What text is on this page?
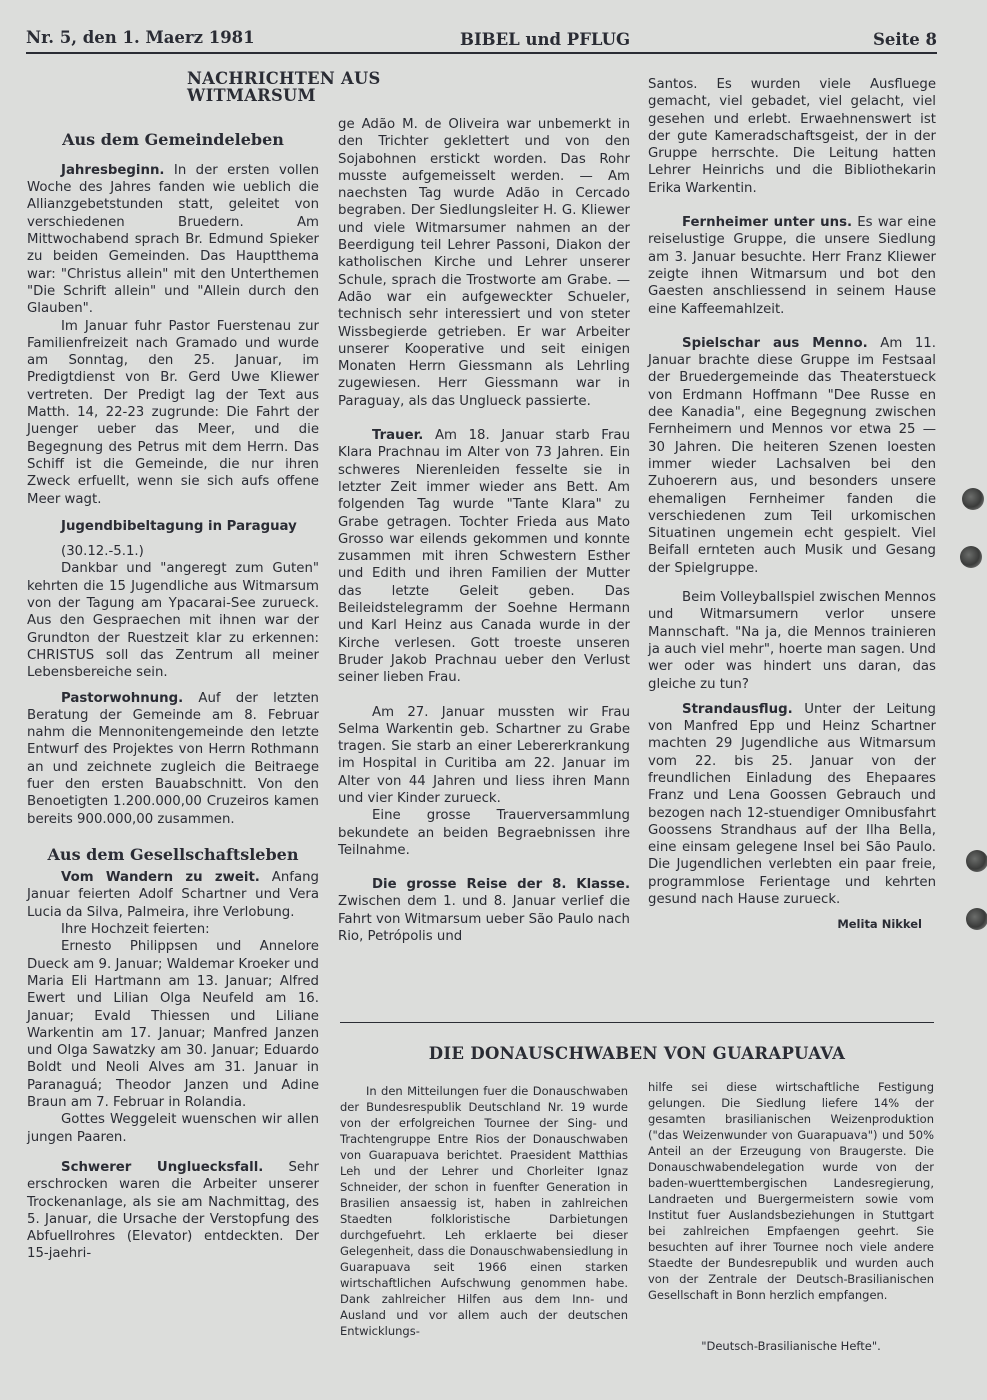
Nr. 5, den 1. Maerz 1981	BIBEL und PFLUG	Seite 8
NACHRICHTEN AUS WITMARSUM
Aus dem Gemeindeleben

Jahresbeginn. In der ersten vollen Woche des Jahres fanden wie ueblich die Allianzgebetstunden statt, geleitet von verschiedenen Bruedern. Am Mittwochabend sprach Br. Edmund Spieker zu beiden Gemeinden. Das Hauptthema war: "Christus allein" mit den Unterthemen "Die Schrift allein" und "Allein durch den Glauben".

Im Januar fuhr Pastor Fuerstenau zur Familienfreizeit nach Gramado und wurde am Sonntag, den 25. Januar, im Predigtdienst von Br. Gerd Uwe Kliewer vertreten. Der Predigt lag der Text aus Matth. 14, 22-23 zugrunde: Die Fahrt der Juenger ueber das Meer, und die Begegnung des Petrus mit dem Herrn. Das Schiff ist die Gemeinde, die nur ihren Zweck erfuellt, wenn sie sich aufs offene Meer wagt.

Jugendbibeltagung in Paraguay

(30.12.-5.1.)

Dankbar und "angeregt zum Guten" kehrten die 15 Jugendliche aus Witmarsum von der Tagung am Ypacarai-See zurueck. Aus den Gespraechen mit ihnen war der Grundton der Ruestzeit klar zu erkennen: CHRISTUS soll das Zentrum all meiner Lebensbereiche sein.

Pastorwohnung. Auf der letzten Beratung der Gemeinde am 8. Februar nahm die Mennonitengemeinde den letzte Entwurf des Projektes von Herrn Rothmann an und zeichnete zugleich die Beitraege fuer den ersten Bauabschnitt. Von den Benoetigten 1.200.000,00 Cruzeiros kamen bereits 900.000,00 zusammen.

Aus dem Gesellschaftsleben

Vom Wandern zu zweit. Anfang Januar feierten Adolf Schartner und Vera Lucia da Silva, Palmeira, ihre Verlobung.

Ihre Hochzeit feierten:

Ernesto Philippsen und Annelore Dueck am 9. Januar; Waldemar Kroeker und Maria Eli Hartmann am 13. Januar; Alfred Ewert und Lilian Olga Neufeld am 16. Januar; Evald Thiessen und Liliane Warkentin am 17. Januar; Manfred Janzen und Olga Sawatzky am 30. Januar; Eduardo Boldt und Neoli Alves am 31. Januar in Paranaguá; Theodor Janzen und Adine Braun am 7. Februar in Rolandia.

Gottes Weggeleit wuenschen wir allen jungen Paaren.

Schwerer Ungluecksfall. Sehr erschrocken waren die Arbeiter unserer Trockenanlage, als sie am Nachmittag, des 5. Januar, die Ursache der Verstopfung des Abfuellrohres (Elevator) entdeckten. Der 15-jaehri-

ge Adão M. de Oliveira war unbemerkt in den Trichter geklettert und von den Sojabohnen erstickt worden. Das Rohr musste aufgemeisselt werden. — Am naechsten Tag wurde Adão in Cercado begraben. Der Siedlungsleiter H. G. Kliewer und viele Witmarsumer nahmen an der Beerdigung teil Lehrer Passoni, Diakon der katholischen Kirche und Lehrer unserer Schule, sprach die Trostworte am Grabe. — Adão war ein aufgeweckter Schueler, technisch sehr interessiert und von steter Wissbegierde getrieben. Er war Arbeiter unserer Kooperative und seit einigen Monaten Herrn Giessmann als Lehrling zugewiesen. Herr Giessmann war in Paraguay, als das Unglueck passierte.

Trauer. Am 18. Januar starb Frau Klara Prachnau im Alter von 73 Jahren. Ein schweres Nierenleiden fesselte sie in letzter Zeit immer wieder ans Bett. Am folgenden Tag wurde "Tante Klara" zu Grabe getragen. Tochter Frieda aus Mato Grosso war eilends gekommen und konnte zusammen mit ihren Schwestern Esther und Edith und ihren Familien der Mutter das letzte Geleit geben. Das Beileidstelegramm der Soehne Hermann und Karl Heinz aus Canada wurde in der Kirche verlesen. Gott troeste unseren Bruder Jakob Prachnau ueber den Verlust seiner lieben Frau.

Am 27. Januar mussten wir Frau Selma Warkentin geb. Schartner zu Grabe tragen. Sie starb an einer Lebererkrankung im Hospital in Curitiba am 22. Januar im Alter von 44 Jahren und liess ihren Mann und vier Kinder zurueck.

Eine grosse Trauerversammlung bekundete an beiden Begraebnissen ihre Teilnahme.

Die grosse Reise der 8. Klasse. Zwischen dem 1. und 8. Januar verlief die Fahrt von Witmarsum ueber São Paulo nach Rio, Petrópolis und

Santos. Es wurden viele Ausfluege gemacht, viel gebadet, viel gelacht, viel gesehen und erlebt. Erwaehnenswert ist der gute Kameradschaftsgeist, der in der Gruppe herrschte. Die Leitung hatten Lehrer Heinrichs und die Bibliothekarin Erika Warkentin.

Fernheimer unter uns. Es war eine reiselustige Gruppe, die unsere Siedlung am 3. Januar besuchte. Herr Franz Kliewer zeigte ihnen Witmarsum und bot den Gaesten anschliessend in seinem Hause eine Kaffeemahlzeit.

Spielschar aus Menno. Am 11. Januar brachte diese Gruppe im Festsaal der Bruedergemeinde das Theaterstueck von Erdmann Hoffmann "Dee Russe en dee Kanadia", eine Begegnung zwischen Fernheimern und Mennos vor etwa 25 — 30 Jahren. Die heiteren Szenen loesten immer wieder Lachsalven bei den Zuhoerern aus, und besonders unsere ehemaligen Fernheimer fanden die verschiedenen zum Teil urkomischen Situatinen ungemein echt gespielt. Viel Beifall ernteten auch Musik und Gesang der Spielgruppe.

Beim Volleyballspiel zwischen Mennos und Witmarsumern verlor unsere Mannschaft. "Na ja, die Mennos trainieren ja auch viel mehr", hoerte man sagen. Und wer oder was hindert uns daran, das gleiche zu tun?

Strandausflug. Unter der Leitung von Manfred Epp und Heinz Schartner machten 29 Jugendliche aus Witmarsum vom 22. bis 25. Januar von der freundlichen Einladung des Ehepaares Franz und Lena Goossen Gebrauch und bezogen nach 12-stuendiger Omnibusfahrt Goossens Strandhaus auf der Ilha Bella, eine einsam gelegene Insel bei São Paulo. Die Jugendlichen verlebten ein paar freie, programmlose Ferientage und kehrten gesund nach Hause zurueck.

Melita Nikkel

DIE DONAUSCHWABEN VON GUARAPUAVA

In den Mitteilungen fuer die Donauschwaben der Bundesrespublik Deutschland Nr. 19 wurde von der erfolgreichen Tournee der Sing- und Trachtengruppe Entre Rios der Donauschwaben von Guarapuava berichtet. Praesident Matthias Leh und der Lehrer und Chorleiter Ignaz Schneider, der schon in fuenfter Generation in Brasilien ansaessig ist, haben in zahlreichen Staedten folkloristische Darbietungen durchgefuehrt. Leh erklaerte bei dieser Gelegenheit, dass die Donauschwabensiedlung in Guarapuava seit 1966 einen starken wirtschaftlichen Aufschwung genommen habe. Dank zahlreicher Hilfen aus dem Inn- und Ausland und vor allem auch der deutschen Entwicklungs-

hilfe sei diese wirtschaftliche Festigung gelungen. Die Siedlung liefere 14% der gesamten brasilianischen Weizenproduktion ("das Weizenwunder von Guarapuava") und 50% Anteil an der Erzeugung von Braugerste. Die Donauschwabendelegation wurde von der baden-wuerttembergischen Landesregierung, Landraeten und Buergermeistern sowie vom Institut fuer Auslandsbeziehungen in Stuttgart bei zahlreichen Empfaengen geehrt. Sie besuchten auf ihrer Tournee noch viele andere Staedte der Bundesrepublik und wurden auch von der Zentrale der Deutsch-Brasilianischen Gesellschaft in Bonn herzlich empfangen.

"Deutsch-Brasilianische Hefte".
